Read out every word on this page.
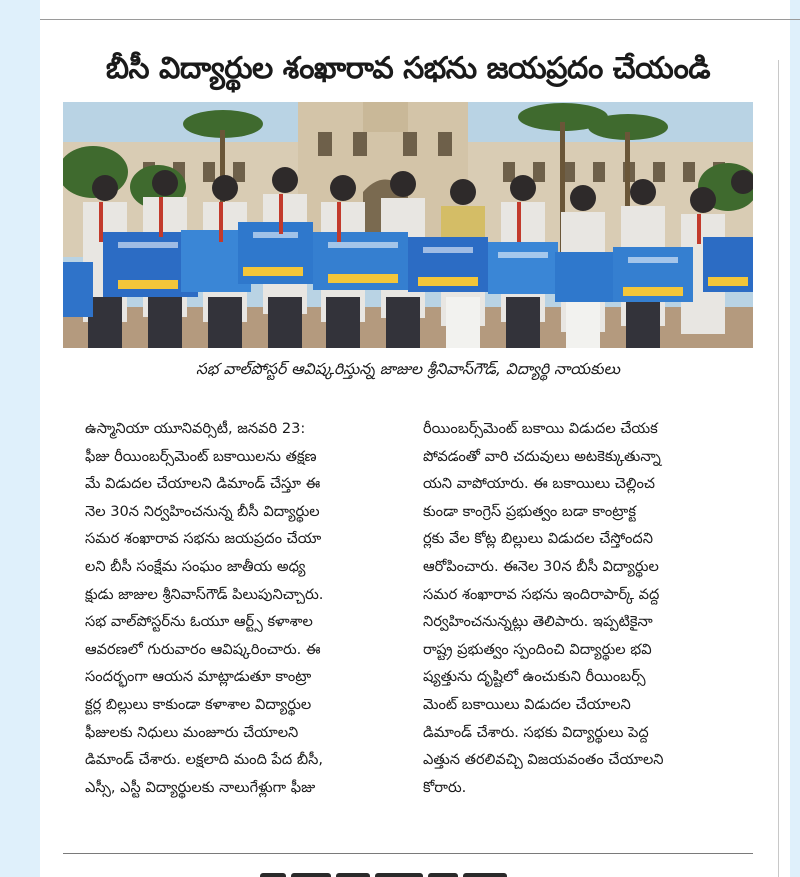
బీసీ విద్యార్థుల శంఖారావ సభను జయప్రదం చేయండి
సభ వాల్‌పోస్టర్ ఆవిష్కరిస్తున్న జాజుల శ్రీనివాస్‌గౌడ్, విద్యార్థి నాయకులు
ఉస్మానియా యూనివర్సిటీ, జనవరి 23:
ఫీజు రీయింబర్స్‌మెంట్ బకాయిలను తక్షణ
మే విడుదల చేయాలని డిమాండ్ చేస్తూ ఈ
నెల 30న నిర్వహించనున్న బీసీ విద్యార్థుల
సమర శంఖారావ సభను జయప్రదం చేయా
లని బీసీ సంక్షేమ సంఘం జాతీయ అధ్య
క్షుడు జాజుల శ్రీనివాస్‌గౌడ్ పిలుపునిచ్చారు.
సభ వాల్‌పోస్టర్‌ను ఓయూ ఆర్ట్స్ కళాశాల
ఆవరణలో గురువారం ఆవిష్కరించారు. ఈ
సందర్భంగా ఆయన మాట్లాడుతూ కాంట్రా
క్టర్ల బిల్లులు కాకుండా కళాశాల విద్యార్థుల
ఫీజులకు నిధులు మంజూరు చేయాలని
డిమాండ్ చేశారు. లక్షలాది మంది పేద బీసీ,
ఎస్సీ, ఎస్టీ విద్యార్థులకు నాలుగేళ్లుగా ఫీజు
రీయింబర్స్‌మెంట్ బకాయి విడుదల చేయక
పోవడంతో వారి చదువులు అటకెక్కుతున్నా
యని వాపోయారు. ఈ బకాయిలు చెల్లించ
కుండా కాంగ్రెస్ ప్రభుత్వం బడా కాంట్రాక్ట
ర్లకు వేల కోట్ల బిల్లులు విడుదల చేస్తోందని
ఆరోపించారు. ఈనెల 30న బీసీ విద్యార్థుల
సమర శంఖారావ సభను ఇందిరాపార్క్ వద్ద
నిర్వహించనున్నట్లు తెలిపారు. ఇప్పటికైనా
రాష్ట్ర ప్రభుత్వం స్పందించి విద్యార్థుల భవి
ష్యత్తును దృష్టిలో ఉంచుకుని రీయింబర్స్
మెంట్ బకాయిలు విడుదల చేయాలని
డిమాండ్ చేశారు. సభకు విద్యార్థులు పెద్ద
ఎత్తున తరలివచ్చి విజయవంతం చేయాలని
కోరారు.
